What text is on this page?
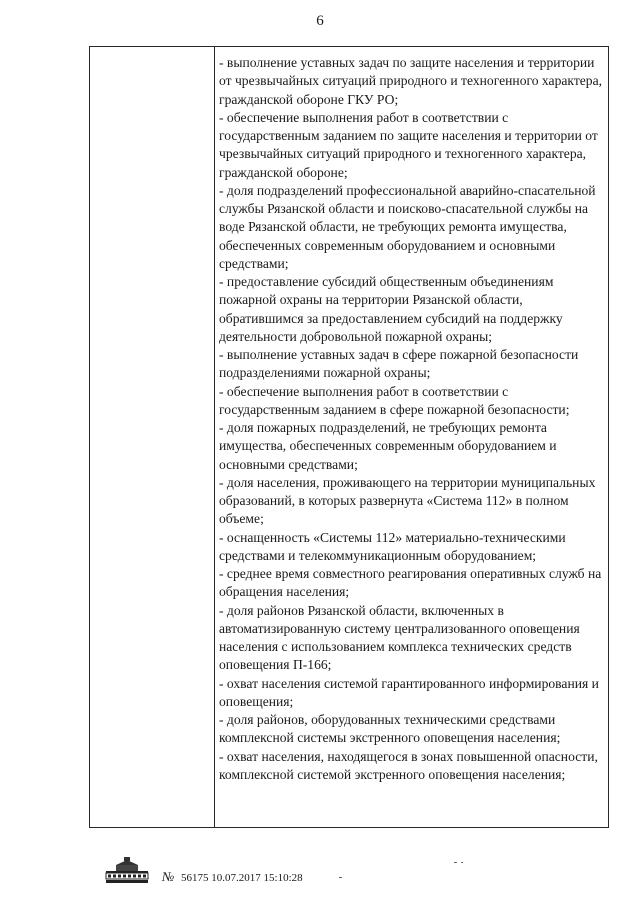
6
- выполнение уставных задач по защите населения и территории от чрезвычайных ситуаций природного и техногенного характера, гражданской обороне ГКУ РО;
- обеспечение выполнения работ в соответствии с государственным заданием по защите населения и территории от чрезвычайных ситуаций природного и техногенного характера, гражданской обороне;
- доля подразделений профессиональной аварийно-спасательной службы Рязанской области и поисково-спасательной службы на воде Рязанской области, не требующих ремонта имущества, обеспеченных современным оборудованием и основными средствами;
- предоставление субсидий общественным объединениям пожарной охраны на территории Рязанской области, обратившимся за предоставлением субсидий на поддержку деятельности добровольной пожарной охраны;
- выполнение уставных задач в сфере пожарной безопасности подразделениями пожарной охраны;
- обеспечение выполнения работ в соответствии с государственным заданием в сфере пожарной безопасности;
- доля пожарных подразделений, не требующих ремонта имущества, обеспеченных современным оборудованием и основными средствами;
- доля населения, проживающего на территории муниципальных образований, в которых развернута «Система 112» в полном объеме;
- оснащенность «Системы 112» материально-техническими средствами и телекоммуникационным оборудованием;
- среднее время совместного реагирования оперативных служб на обращения населения;
- доля районов Рязанской области, включенных в автоматизированную систему централизованного оповещения населения с использованием комплекса технических средств оповещения П-166;
- охват населения системой гарантированного информирования и оповещения;
- доля районов, оборудованных техническими средствами комплексной системы экстренного оповещения населения;
- охват населения, находящегося в зонах повышенной опасности, комплексной системой экстренного оповещения населения;
№ 56175 10.07.2017 15:10:28
